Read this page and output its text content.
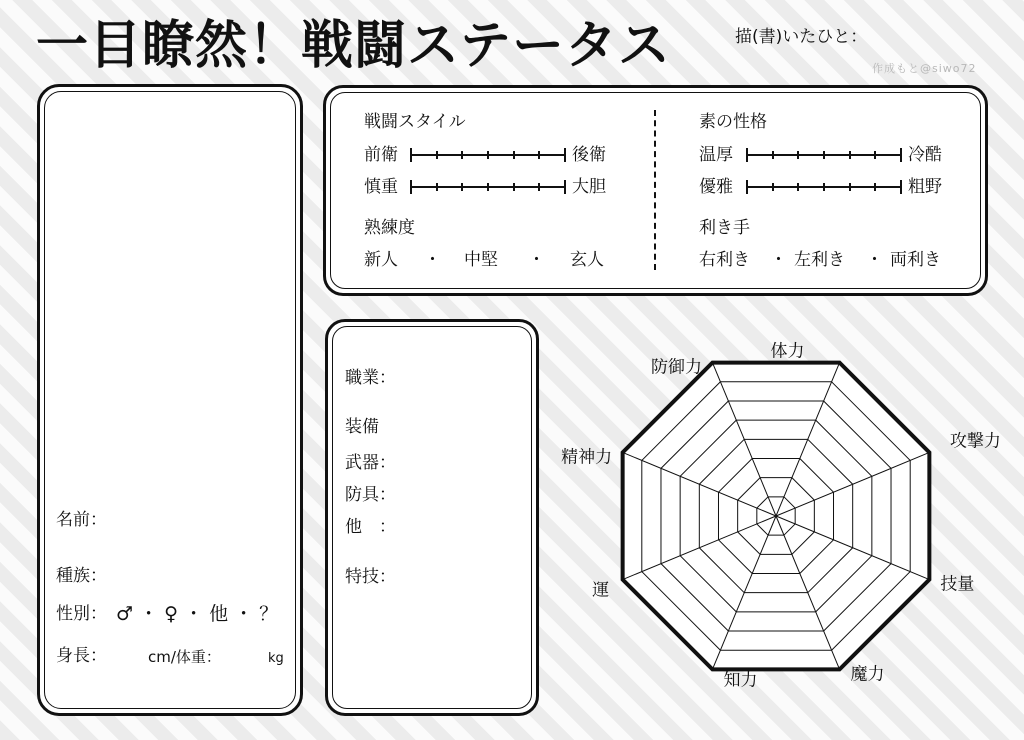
一目瞭然！戦闘ステータス	描(書)いたひと：
作成もと@siwo72
名前：
種族：
性別： ♂ ・ ♀ ・ 他 ・ ？
身長：	cm/体重：	kg
戦闘スタイル
前衛	後衛
慎重	大胆
熟練度
新人 ・ 中堅 ・ 玄人
素の性格
温厚	冷酷
優雅	粗野
利き手
右利き ・ 左利き ・ 両利き
職業：
装備
武器：
防具：
他　：
特技：
体力
攻撃力
技量
魔力
知力
運
精神力
防御力
